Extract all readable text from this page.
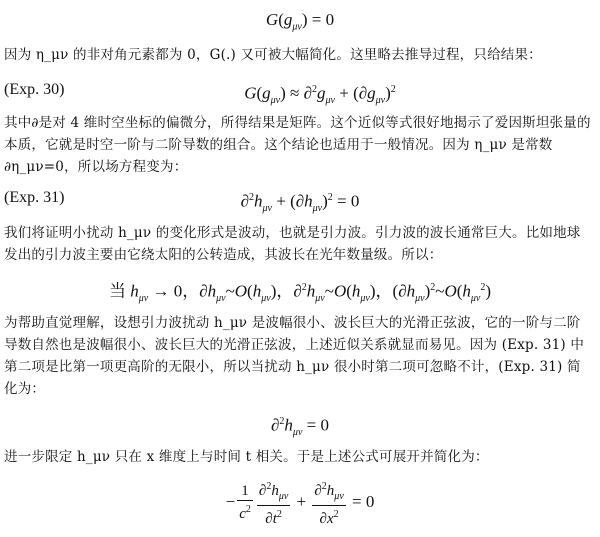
$G(g_{\mu\nu}) = 0$
因为 η_μν 的非对角元素都为 0，G(.) 又可被大幅简化。这里略去推导过程，只给结果：
(Exp. 30)	$G(g_{\mu\nu}) \approx \partial^2g_{\mu\nu} + (\partial g_{\mu\nu})^2$
其中∂是对 4 维时空坐标的偏微分，所得结果是矩阵。这个近似等式很好地揭示了爱因斯坦张量的本质，它就是时空一阶与二阶导数的组合。这个结论也适用于一般情况。因为 η_μν 是常数∂η_μν=0，所以场方程变为：
(Exp. 31)	$\partial^2h_{\mu\nu} + (\partial h_{\mu\nu})^2 = 0$
我们将证明小扰动 h_μν 的变化形式是波动，也就是引力波。引力波的波长通常巨大。比如地球发出的引力波主要由它绕太阳的公转造成，其波长在光年数量级。所以：
当 $h_{\mu\nu} \to 0$，$\partial h_{\mu\nu}\sim O(h_{\mu\nu})$，$\partial^2h_{\mu\nu}\sim O(h_{\mu\nu})$，$(\partial h_{\mu\nu})^2\sim O(h_{\mu\nu}^2)$
为帮助直觉理解，设想引力波扰动 h_μν 是波幅很小、波长巨大的光滑正弦波，它的一阶与二阶导数自然也是波幅很小、波长巨大的光滑正弦波，上述近似关系就显而易见。因为 (Exp. 31) 中第二项是比第一项更高阶的无限小，所以当扰动 h_μν 很小时第二项可忽略不计，(Exp. 31) 简化为：
$\partial^2h_{\mu\nu} = 0$
进一步限定 h_μν 只在 x 维度上与时间 t 相关。于是上述公式可展开并简化为：
− $\frac{1}{c^2} \frac{\partial^2h_{\mu\nu}}{\partial t^2} + \frac{\partial^2h_{\mu\nu}}{\partial x^2} = 0$
